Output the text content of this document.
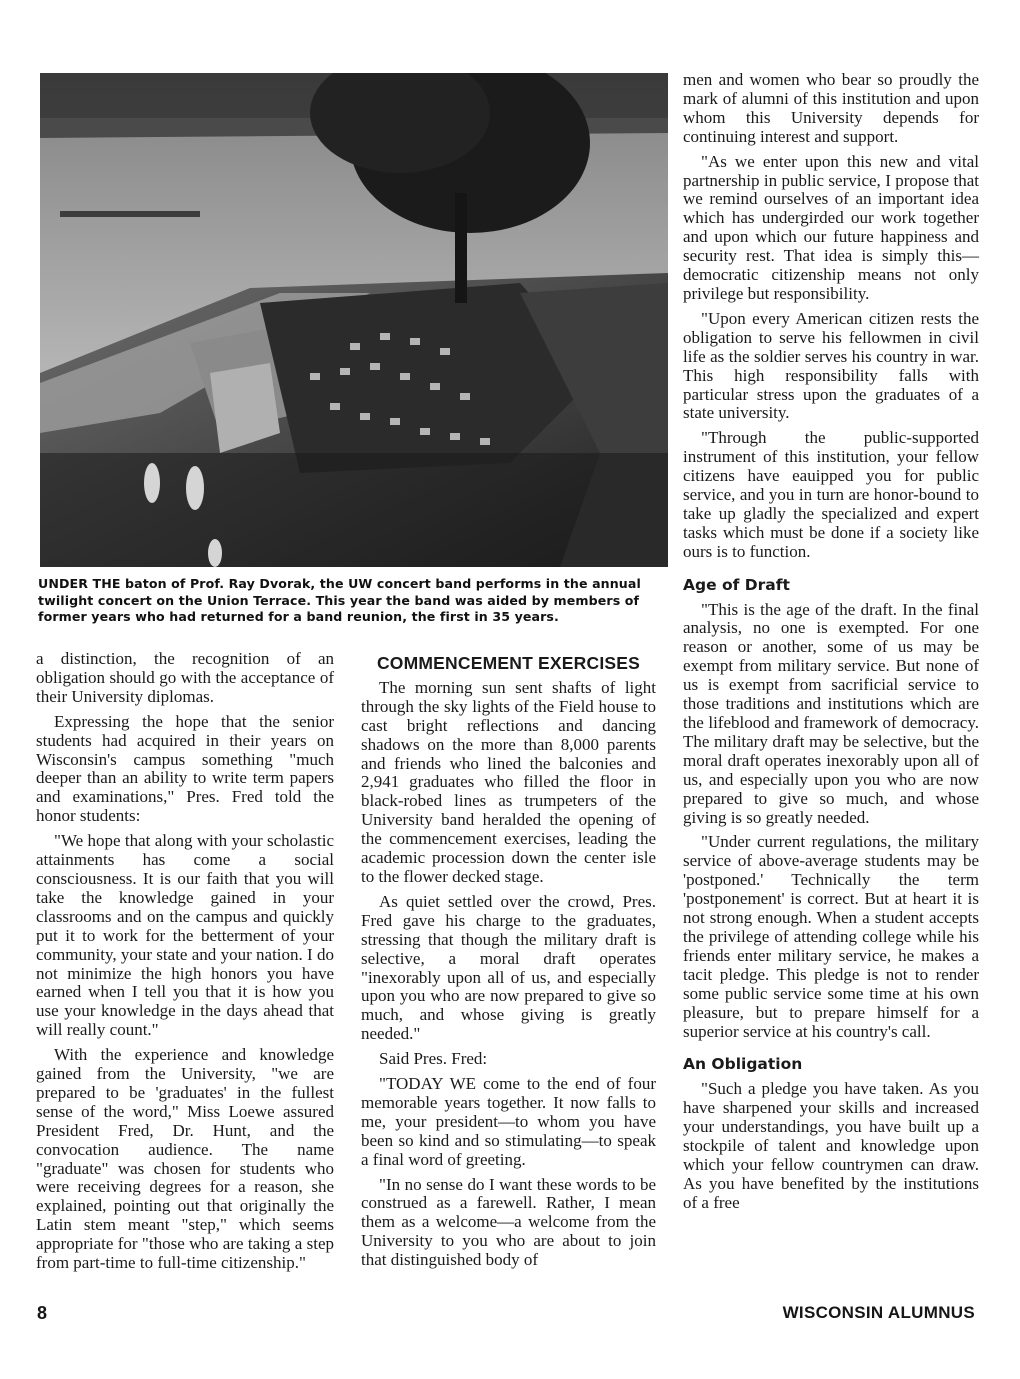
UNDER THE baton of Prof. Ray Dvorak, the UW concert band performs in the annual twilight concert on the Union Terrace. This year the band was aided by members of former years who had returned for a band reunion, the first in 35 years.

a distinction, the recognition of an obligation should go with the acceptance of their University diplomas.

Expressing the hope that the senior students had acquired in their years on Wisconsin's campus something "much deeper than an ability to write term papers and examinations," Pres. Fred told the honor students:

"We hope that along with your scholastic attainments has come a social consciousness. It is our faith that you will take the knowledge gained in your classrooms and on the campus and quickly put it to work for the betterment of your community, your state and your nation. I do not minimize the high honors you have earned when I tell you that it is how you use your knowledge in the days ahead that will really count."

With the experience and knowledge gained from the University, "we are prepared to be 'graduates' in the fullest sense of the word," Miss Loewe assured President Fred, Dr. Hunt, and the convocation audience. The name "graduate" was chosen for students who were receiving degrees for a reason, she explained, pointing out that originally the Latin stem meant "step," which seems appropriate for "those who are taking a step from part-time to full-time citizenship."

COMMENCEMENT EXERCISES

The morning sun sent shafts of light through the sky lights of the Field house to cast bright reflections and dancing shadows on the more than 8,000 parents and friends who lined the balconies and 2,941 graduates who filled the floor in black-robed lines as trumpeters of the University band heralded the opening of the commencement exercises, leading the academic procession down the center isle to the flower decked stage.

As quiet settled over the crowd, Pres. Fred gave his charge to the graduates, stressing that though the military draft is selective, a moral draft operates "inexorably upon all of us, and especially upon you who are now prepared to give so much, and whose giving is greatly needed."

Said Pres. Fred:

"TODAY WE come to the end of four memorable years together. It now falls to me, your president—to whom you have been so kind and so stimulating—to speak a final word of greeting.

"In no sense do I want these words to be construed as a farewell. Rather, I mean them as a welcome—a welcome from the University to you who are about to join that distinguished body of

men and women who bear so proudly the mark of alumni of this institution and upon whom this University depends for continuing interest and support.

"As we enter upon this new and vital partnership in public service, I propose that we remind ourselves of an important idea which has undergirded our work together and upon which our future happiness and security rest. That idea is simply this—democratic citizenship means not only privilege but responsibility.

"Upon every American citizen rests the obligation to serve his fellowmen in civil life as the soldier serves his country in war. This high responsibility falls with particular stress upon the graduates of a state university.

"Through the public-supported instrument of this institution, your fellow citizens have eauipped you for public service, and you in turn are honor-bound to take up gladly the specialized and expert tasks which must be done if a society like ours is to function.

Age of Draft

"This is the age of the draft. In the final analysis, no one is exempted. For one reason or another, some of us may be exempt from military service. But none of us is exempt from sacrificial service to those traditions and institutions which are the lifeblood and framework of democracy. The military draft may be selective, but the moral draft operates inexorably upon all of us, and especially upon you who are now prepared to give so much, and whose giving is so greatly needed.

"Under current regulations, the military service of above-average students may be 'postponed.' Technically the term 'postponement' is correct. But at heart it is not strong enough. When a student accepts the privilege of attending college while his friends enter military service, he makes a tacit pledge. This pledge is not to render some public service some time at his own pleasure, but to prepare himself for a superior service at his country's call.

An Obligation

"Such a pledge you have taken. As you have sharpened your skills and increased your understandings, you have built up a stockpile of talent and knowledge upon which your fellow countrymen can draw. As you have benefited by the institutions of a free

8	WISCONSIN ALUMNUS
